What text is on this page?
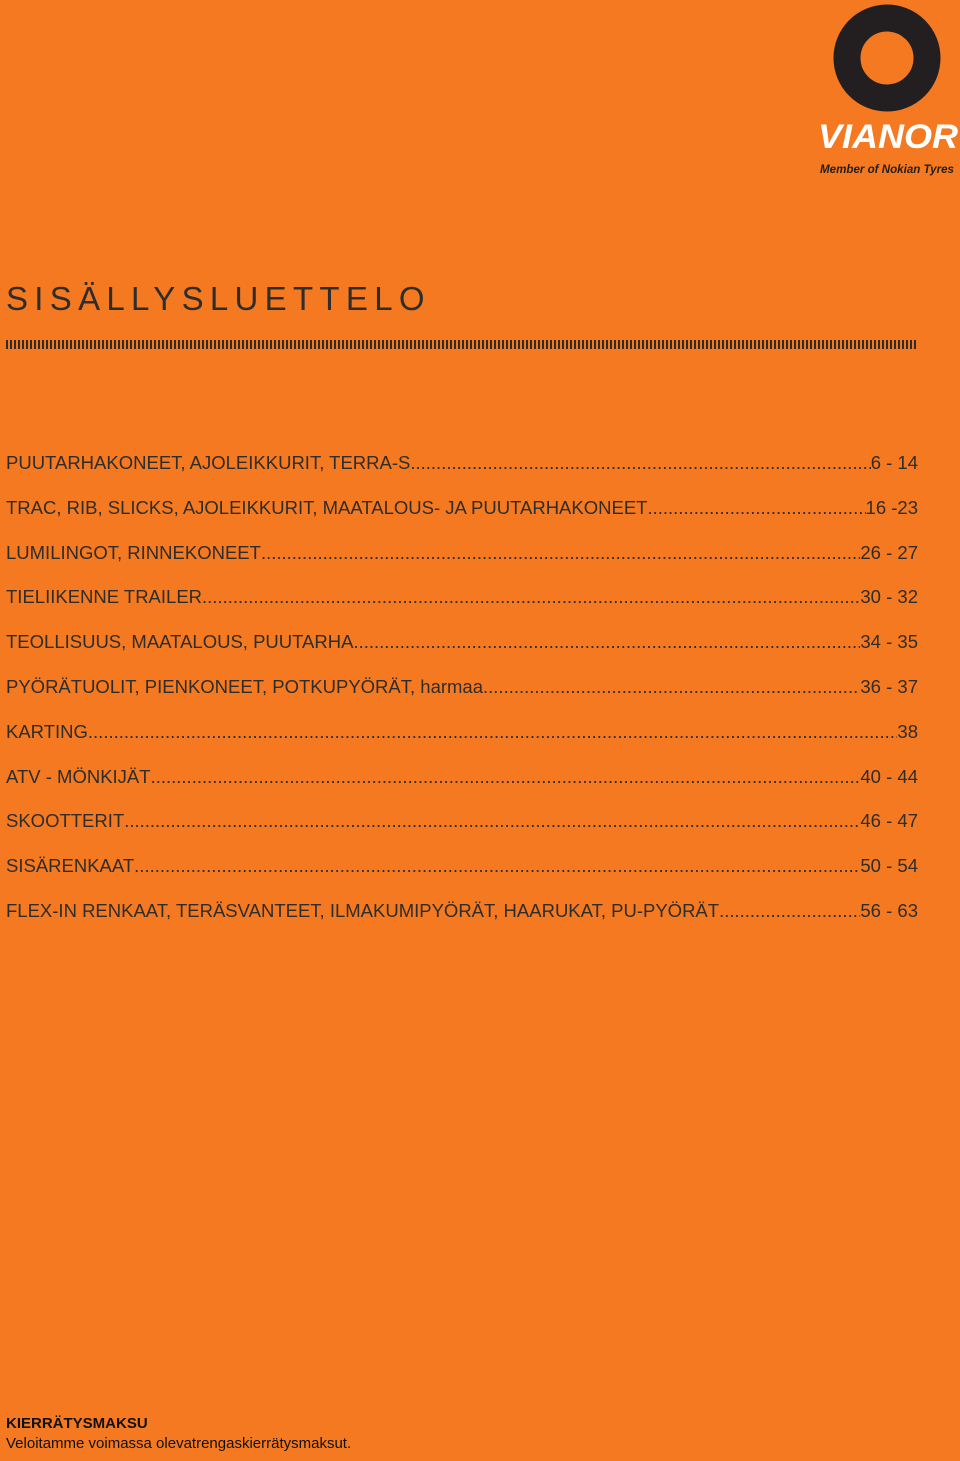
VIANOR
Member of Nokian Tyres
SISÄLLYSLUETTELO
PUUTARHAKONEET, AJOLEIKKURIT, TERRA-S .....	6 - 14
TRAC, RIB, SLICKS, AJOLEIKKURIT, MAATALOUS- JA PUUTARHAKONEET .....	16 -23
LUMILINGOT, RINNEKONEET .....	26 - 27
TIELIIKENNE TRAILER .....	30 - 32
TEOLLISUUS, MAATALOUS, PUUTARHA .....	34 - 35
PYÖRÄTUOLIT, PIENKONEET, POTKUPYÖRÄT, harmaa .....	36 - 37
KARTING .....	38
ATV - MÖNKIJÄT .....	40 - 44
SKOOTTERIT .....	46 - 47
SISÄRENKAAT .....	50 - 54
FLEX-IN RENKAAT, TERÄSVANTEET, ILMAKUMIPYÖRÄT, HAARUKAT, PU-PYÖRÄT .....	56 - 63
KIERRÄTYSMAKSU
Veloitamme voimassa olevatrengaskierrätysmaksut.
